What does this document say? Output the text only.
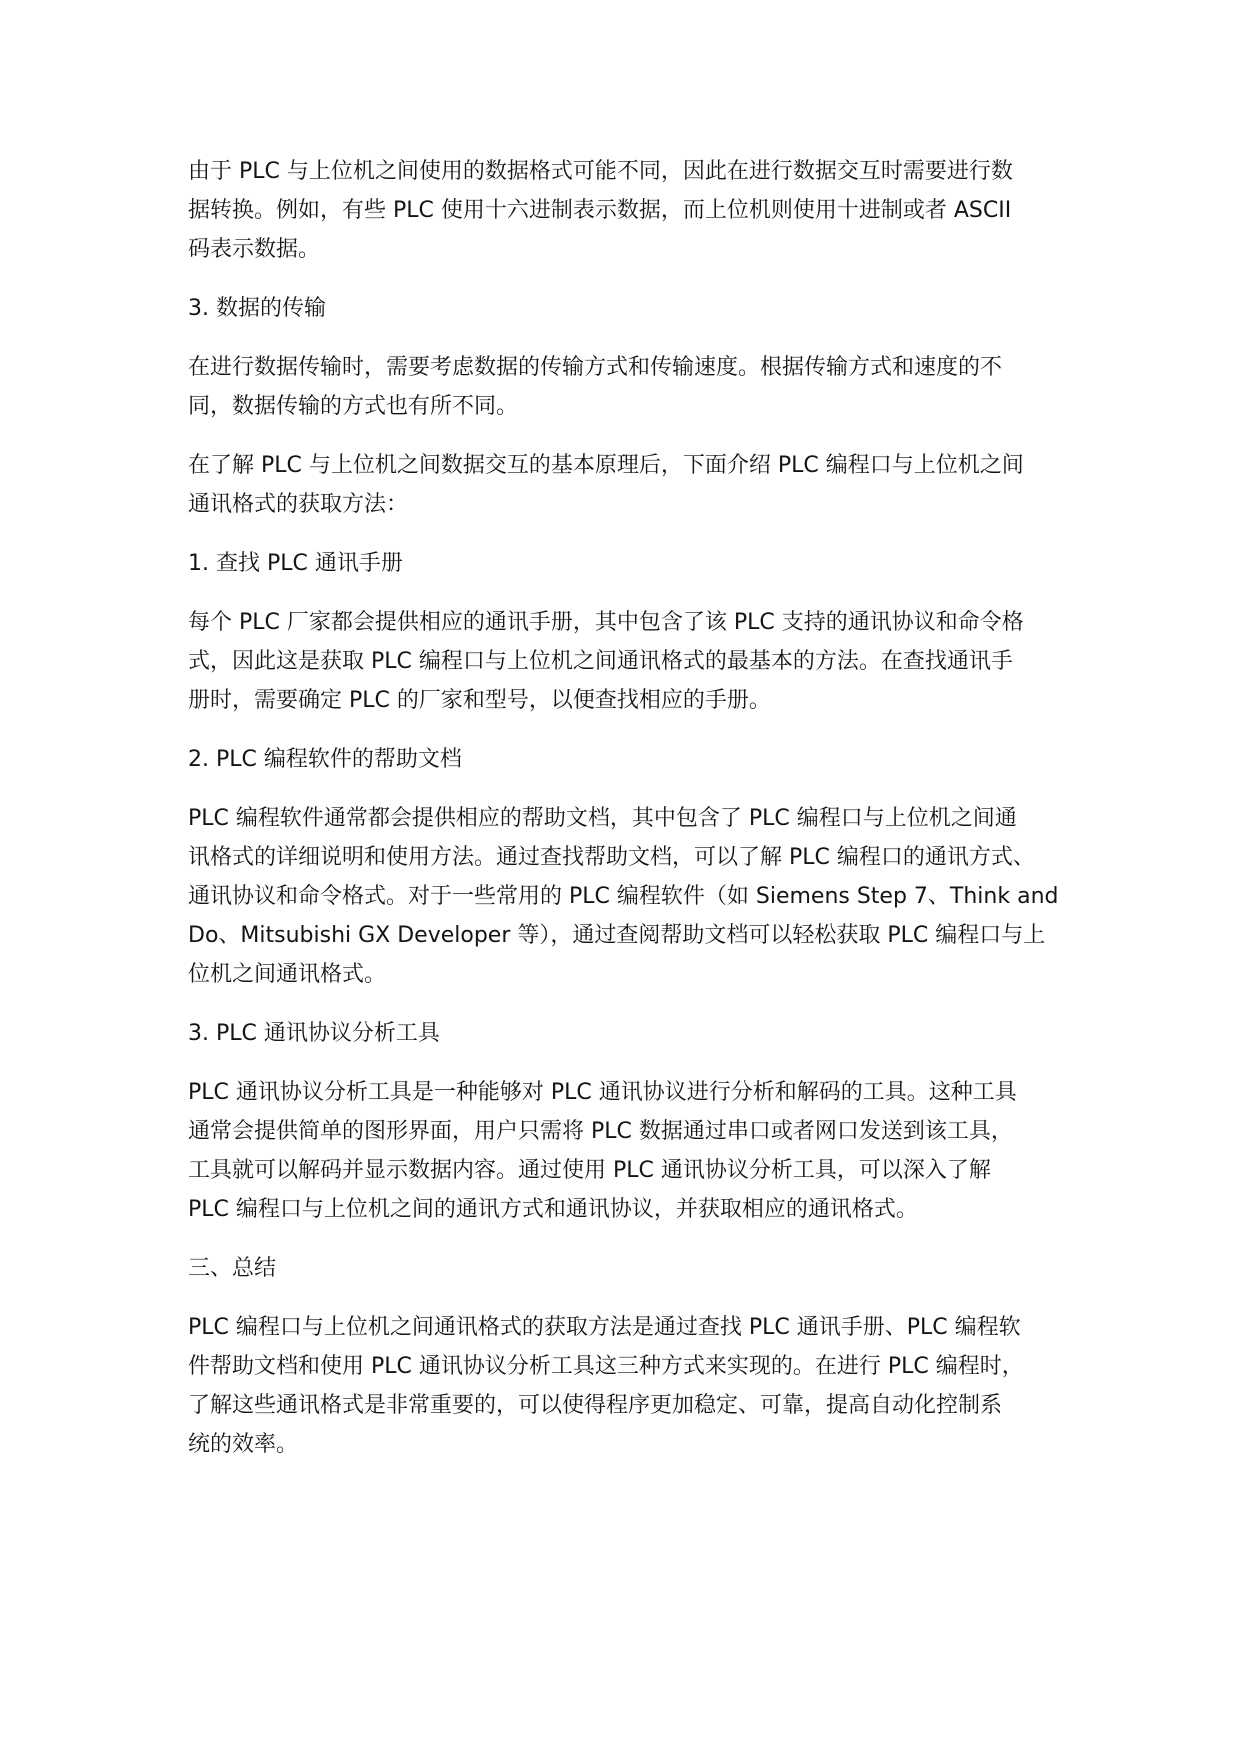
由于 PLC 与上位机之间使用的数据格式可能不同，因此在进行数据交互时需要进行数
据转换。例如，有些 PLC 使用十六进制表示数据，而上位机则使用十进制或者 ASCII
码表示数据。

3. 数据的传输

在进行数据传输时，需要考虑数据的传输方式和传输速度。根据传输方式和速度的不
同，数据传输的方式也有所不同。

在了解 PLC 与上位机之间数据交互的基本原理后，下面介绍 PLC 编程口与上位机之间
通讯格式的获取方法：

1. 查找 PLC 通讯手册

每个 PLC 厂家都会提供相应的通讯手册，其中包含了该 PLC 支持的通讯协议和命令格
式，因此这是获取 PLC 编程口与上位机之间通讯格式的最基本的方法。在查找通讯手
册时，需要确定 PLC 的厂家和型号，以便查找相应的手册。

2. PLC 编程软件的帮助文档

PLC 编程软件通常都会提供相应的帮助文档，其中包含了 PLC 编程口与上位机之间通
讯格式的详细说明和使用方法。通过查找帮助文档，可以了解 PLC 编程口的通讯方式、
通讯协议和命令格式。对于一些常用的 PLC 编程软件（如 Siemens Step 7、Think and
Do、Mitsubishi GX Developer 等），通过查阅帮助文档可以轻松获取 PLC 编程口与上
位机之间通讯格式。

3. PLC 通讯协议分析工具

PLC 通讯协议分析工具是一种能够对 PLC 通讯协议进行分析和解码的工具。这种工具
通常会提供简单的图形界面，用户只需将 PLC 数据通过串口或者网口发送到该工具，
工具就可以解码并显示数据内容。通过使用 PLC 通讯协议分析工具，可以深入了解
PLC 编程口与上位机之间的通讯方式和通讯协议，并获取相应的通讯格式。

三、总结

PLC 编程口与上位机之间通讯格式的获取方法是通过查找 PLC 通讯手册、PLC 编程软
件帮助文档和使用 PLC 通讯协议分析工具这三种方式来实现的。在进行 PLC 编程时，
了解这些通讯格式是非常重要的，可以使得程序更加稳定、可靠，提高自动化控制系
统的效率。
